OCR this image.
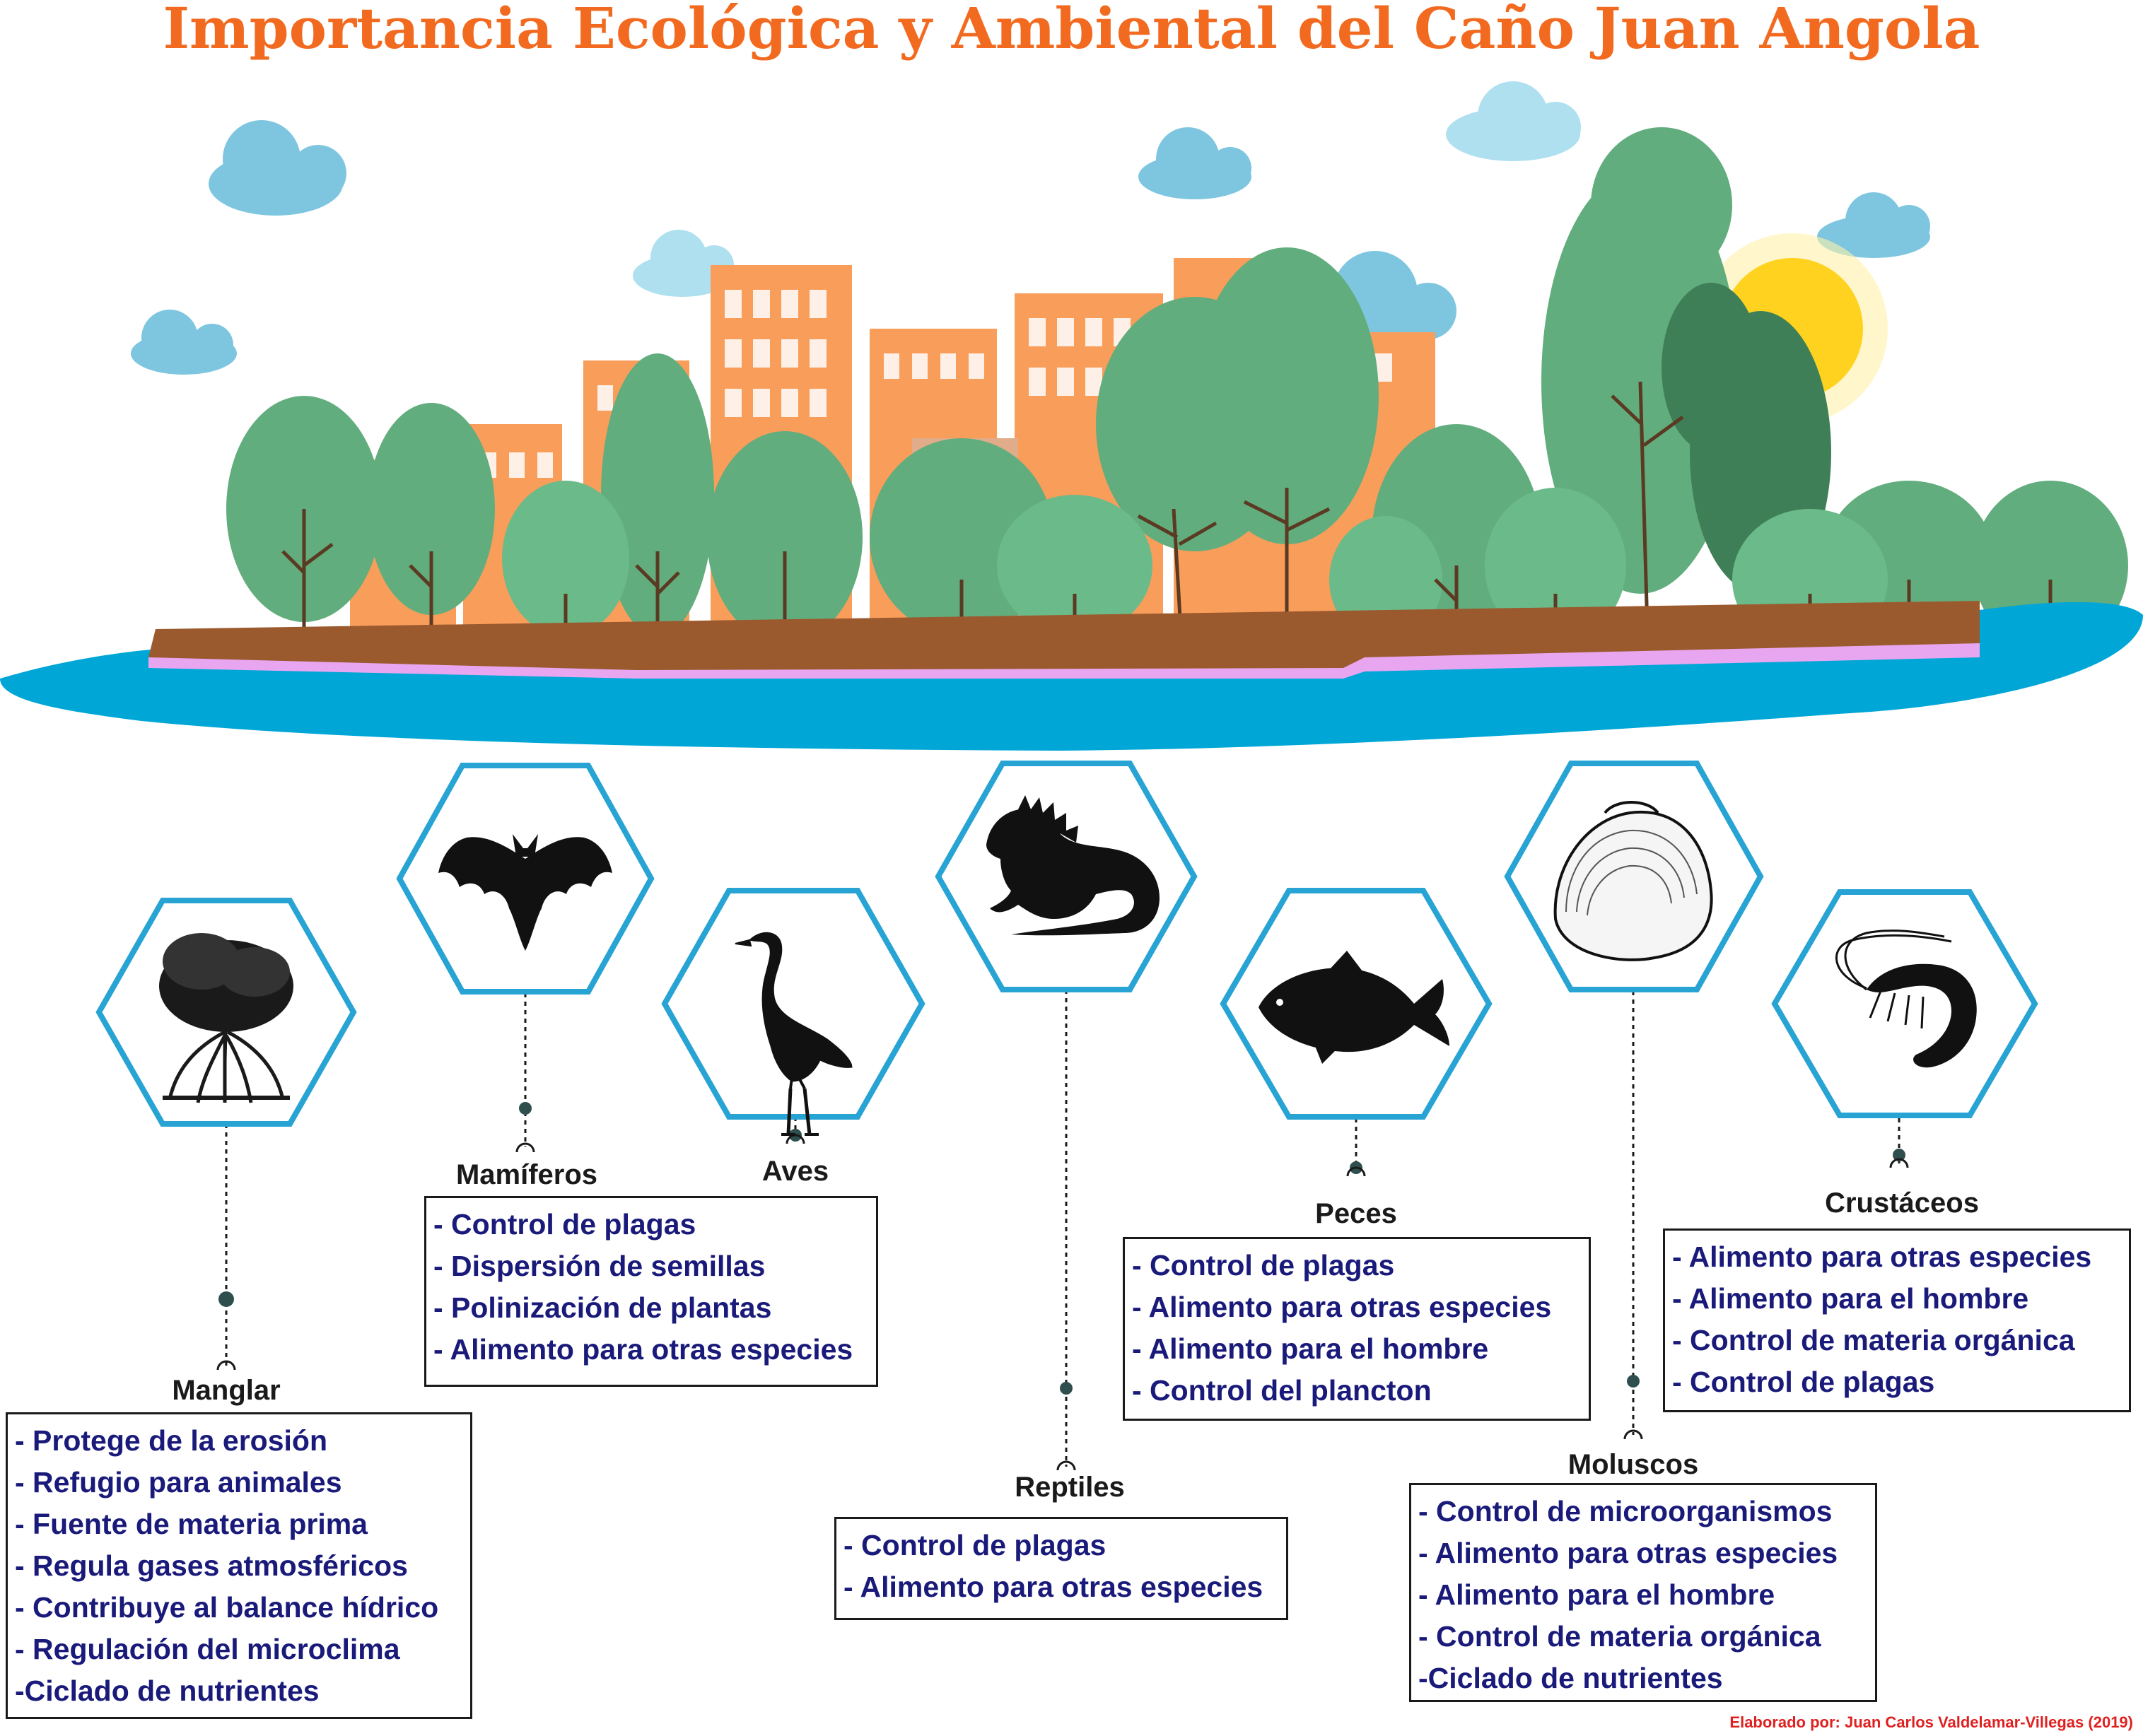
Importancia Ecológica y Ambiental del Caño Juan Angola
Manglar
- Protege de la erosión
- Refugio para animales
- Fuente de materia prima
- Regula gases atmosféricos
- Contribuye al balance hídrico
- Regulación del microclima
-Ciclado de nutrientes
Mamíferos
- Control de plagas
- Dispersión de semillas
- Polinización de plantas
- Alimento para otras especies
Aves
Reptiles
- Control de plagas
- Alimento para otras especies
Peces
- Control de plagas
- Alimento para otras especies
- Alimento para el hombre
- Control del plancton
Moluscos
- Control de microorganismos
- Alimento para otras especies
- Alimento para el hombre
- Control de materia orgánica
-Ciclado de nutrientes
Crustáceos
- Alimento para otras especies
- Alimento para el hombre
- Control de materia orgánica
- Control de plagas
Elaborado por: Juan Carlos Valdelamar-Villegas (2019)
